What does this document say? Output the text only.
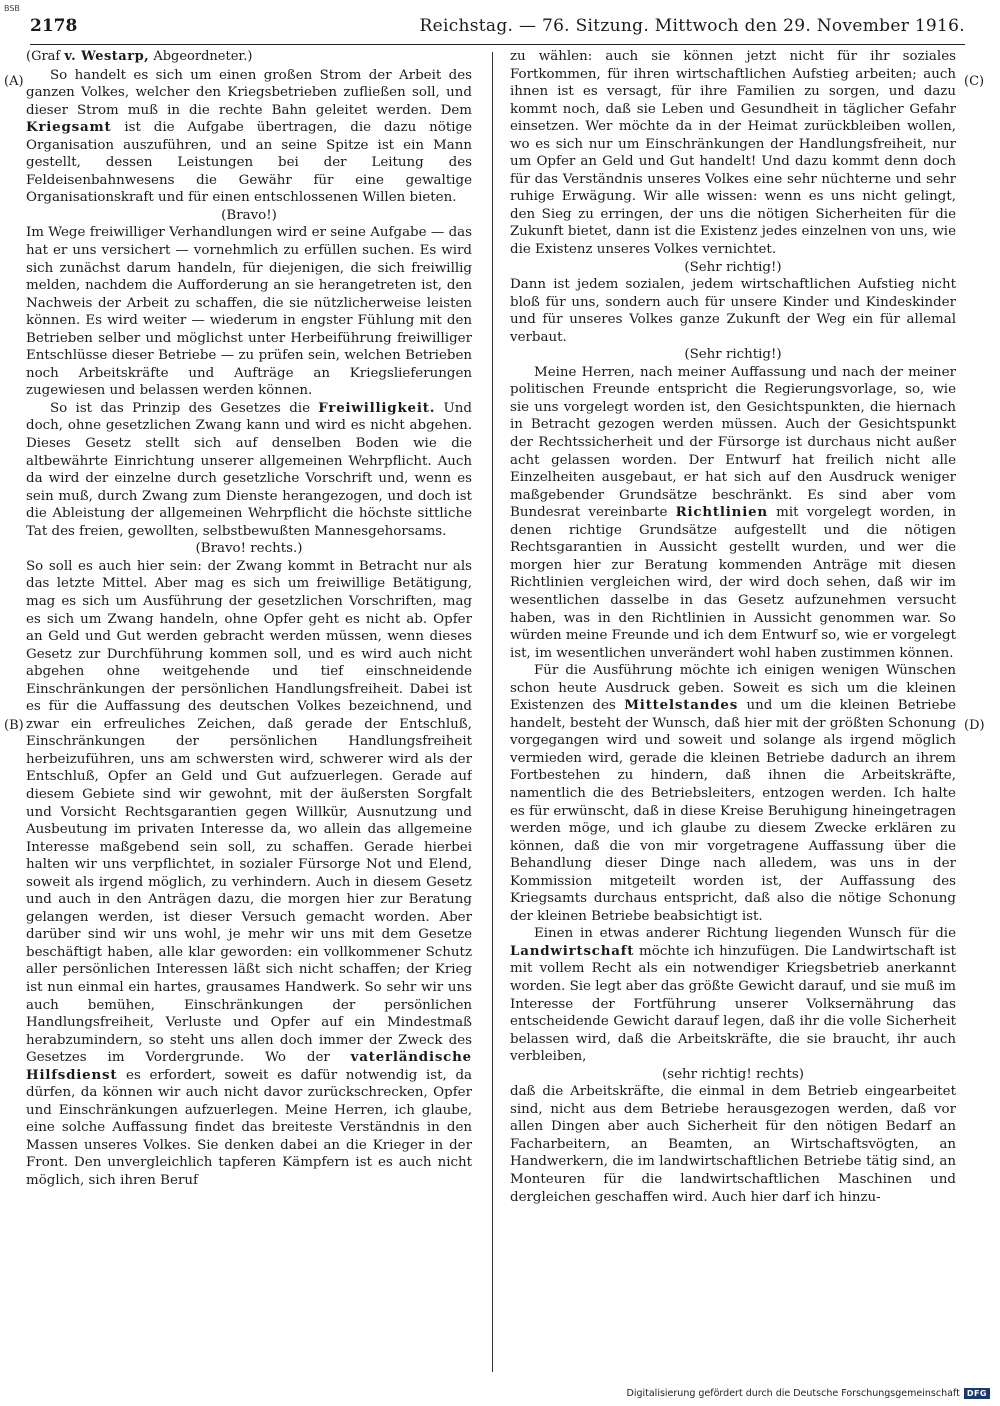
BSB
2178	Reichstag. — 76. Sitzung. Mittwoch den 29. November 1916.
(Graf v. Westarp, Abgeordneter.)

So handelt es sich um einen großen Strom der Arbeit des ganzen Volkes, welcher den Kriegsbetrieben zufließen soll, und dieser Strom muß in die rechte Bahn geleitet werden. Dem Kriegsamt ist die Aufgabe übertragen, die dazu nötige Organisation auszuführen, und an seine Spitze ist ein Mann gestellt, dessen Leistungen bei der Leitung des Feldeisenbahnwesens die Gewähr für eine gewaltige Organisationskraft und für einen entschlossenen Willen bieten.

(Bravo!)

Im Wege freiwilliger Verhandlungen wird er seine Aufgabe — das hat er uns versichert — vornehmlich zu erfüllen suchen. Es wird sich zunächst darum handeln, für diejenigen, die sich freiwillig melden, nachdem die Aufforderung an sie herangetreten ist, den Nachweis der Arbeit zu schaffen, die sie nützlicherweise leisten können. Es wird weiter — wiederum in engster Fühlung mit den Betrieben selber und möglichst unter Herbeiführung freiwilliger Entschlüsse dieser Betriebe — zu prüfen sein, welchen Betrieben noch Arbeitskräfte und Aufträge an Kriegslieferungen zugewiesen und belassen werden können.

So ist das Prinzip des Gesetzes die Freiwilligkeit. Und doch, ohne gesetzlichen Zwang kann und wird es nicht abgehen. Dieses Gesetz stellt sich auf denselben Boden wie die altbewährte Einrichtung unserer allgemeinen Wehrpflicht. Auch da wird der einzelne durch gesetzliche Vorschrift und, wenn es sein muß, durch Zwang zum Dienste herangezogen, und doch ist die Ableistung der allgemeinen Wehrpflicht die höchste sittliche Tat des freien, gewollten, selbstbewußten Mannesgehorsams.

(Bravo! rechts.)

So soll es auch hier sein: der Zwang kommt in Betracht nur als das letzte Mittel. Aber mag es sich um freiwillige Betätigung, mag es sich um Ausführung der gesetzlichen Vorschriften, mag es sich um Zwang handeln, ohne Opfer geht es nicht ab. Opfer an Geld und Gut werden gebracht werden müssen, wenn dieses Gesetz zur Durchführung kommen soll, und es wird auch nicht abgehen ohne weitgehende und tief einschneidende Einschränkungen der persönlichen Handlungsfreiheit. Dabei ist es für die Auffassung des deutschen Volkes bezeichnend, und zwar ein erfreuliches Zeichen, daß gerade der Entschluß, Einschränkungen der persönlichen Handlungsfreiheit herbeizuführen, uns am schwersten wird, schwerer wird als der Entschluß, Opfer an Geld und Gut aufzuerlegen. Gerade auf diesem Gebiete sind wir gewohnt, mit der äußersten Sorgfalt und Vorsicht Rechtsgarantien gegen Willkür, Ausnutzung und Ausbeutung im privaten Interesse da, wo allein das allgemeine Interesse maßgebend sein soll, zu schaffen. Gerade hierbei halten wir uns verpflichtet, in sozialer Fürsorge Not und Elend, soweit als irgend möglich, zu verhindern. Auch in diesem Gesetz und auch in den Anträgen dazu, die morgen hier zur Beratung gelangen werden, ist dieser Versuch gemacht worden. Aber darüber sind wir uns wohl, je mehr wir uns mit dem Gesetze beschäftigt haben, alle klar geworden: ein vollkommener Schutz aller persönlichen Interessen läßt sich nicht schaffen; der Krieg ist nun einmal ein hartes, grausames Handwerk. So sehr wir uns auch bemühen, Einschränkungen der persönlichen Handlungsfreiheit, Verluste und Opfer auf ein Mindestmaß herabzumindern, so steht uns allen doch immer der Zweck des Gesetzes im Vordergrunde. Wo der vaterländische Hilfsdienst es erfordert, soweit es dafür notwendig ist, da dürfen, da können wir auch nicht davor zurückschrecken, Opfer und Einschränkungen aufzuerlegen. Meine Herren, ich glaube, eine solche Auffassung findet das breiteste Verständnis in den Massen unseres Volkes. Sie denken dabei an die Krieger in der Front. Den unvergleichlich tapferen Kämpfern ist es auch nicht möglich, sich ihren Beruf

zu wählen: auch sie können jetzt nicht für ihr soziales Fortkommen, für ihren wirtschaftlichen Aufstieg arbeiten; auch ihnen ist es versagt, für ihre Familien zu sorgen, und dazu kommt noch, daß sie Leben und Gesundheit in täglicher Gefahr einsetzen. Wer möchte da in der Heimat zurückbleiben wollen, wo es sich nur um Einschränkungen der Handlungsfreiheit, nur um Opfer an Geld und Gut handelt! Und dazu kommt denn doch für das Verständnis unseres Volkes eine sehr nüchterne und sehr ruhige Erwägung. Wir alle wissen: wenn es uns nicht gelingt, den Sieg zu erringen, der uns die nötigen Sicherheiten für die Zukunft bietet, dann ist die Existenz jedes einzelnen von uns, wie die Existenz unseres Volkes vernichtet.

(Sehr richtig!)

Dann ist jedem sozialen, jedem wirtschaftlichen Aufstieg nicht bloß für uns, sondern auch für unsere Kinder und Kindeskinder und für unseres Volkes ganze Zukunft der Weg ein für allemal verbaut.

(Sehr richtig!)

Meine Herren, nach meiner Auffassung und nach der meiner politischen Freunde entspricht die Regierungsvorlage, so, wie sie uns vorgelegt worden ist, den Gesichtspunkten, die hiernach in Betracht gezogen werden müssen. Auch der Gesichtspunkt der Rechtssicherheit und der Fürsorge ist durchaus nicht außer acht gelassen worden. Der Entwurf hat freilich nicht alle Einzelheiten ausgebaut, er hat sich auf den Ausdruck weniger maßgebender Grundsätze beschränkt. Es sind aber vom Bundesrat vereinbarte Richtlinien mit vorgelegt worden, in denen richtige Grundsätze aufgestellt und die nötigen Rechtsgarantien in Aussicht gestellt wurden, und wer die morgen hier zur Beratung kommenden Anträge mit diesen Richtlinien vergleichen wird, der wird doch sehen, daß wir im wesentlichen dasselbe in das Gesetz aufzunehmen versucht haben, was in den Richtlinien in Aussicht genommen war. So würden meine Freunde und ich dem Entwurf so, wie er vorgelegt ist, im wesentlichen unverändert wohl haben zustimmen können.

Für die Ausführung möchte ich einigen wenigen Wünschen schon heute Ausdruck geben. Soweit es sich um die kleinen Existenzen des Mittelstandes und um die kleinen Betriebe handelt, besteht der Wunsch, daß hier mit der größten Schonung vorgegangen wird und soweit und solange als irgend möglich vermieden wird, gerade die kleinen Betriebe dadurch an ihrem Fortbestehen zu hindern, daß ihnen die Arbeitskräfte, namentlich die des Betriebsleiters, entzogen werden. Ich halte es für erwünscht, daß in diese Kreise Beruhigung hineingetragen werden möge, und ich glaube zu diesem Zwecke erklären zu können, daß die von mir vorgetragene Auffassung über die Behandlung dieser Dinge nach alledem, was uns in der Kommission mitgeteilt worden ist, der Auffassung des Kriegsamts durchaus entspricht, daß also die nötige Schonung der kleinen Betriebe beabsichtigt ist.

Einen in etwas anderer Richtung liegenden Wunsch für die Landwirtschaft möchte ich hinzufügen. Die Landwirtschaft ist mit vollem Recht als ein notwendiger Kriegsbetrieb anerkannt worden. Sie legt aber das größte Gewicht darauf, und sie muß im Interesse der Fortführung unserer Volksernährung das entscheidende Gewicht darauf legen, daß ihr die volle Sicherheit belassen wird, daß die Arbeitskräfte, die sie braucht, ihr auch verbleiben,

(sehr richtig! rechts)

daß die Arbeitskräfte, die einmal in dem Betrieb eingearbeitet sind, nicht aus dem Betriebe herausgezogen werden, daß vor allen Dingen aber auch Sicherheit für den nötigen Bedarf an Facharbeitern, an Beamten, an Wirtschaftsvögten, an Handwerkern, die im landwirtschaftlichen Betriebe tätig sind, an Monteuren für die landwirtschaftlichen Maschinen und dergleichen geschaffen wird. Auch hier darf ich hinzu-

(A)
(B)
(C)
(D)
Digitalisierung gefördert durch die Deutsche Forschungsgemeinschaft DFG
